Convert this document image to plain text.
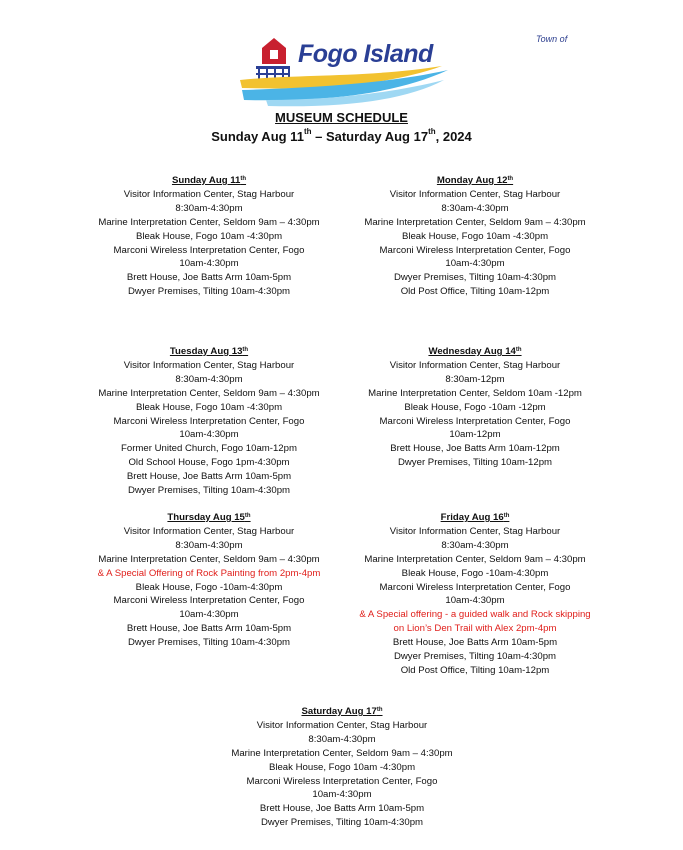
Town of
Fogo Island
MUSEUM SCHEDULE
Sunday Aug 11th – Saturday Aug 17th, 2024
Sunday Aug 11th
Visitor Information Center, Stag Harbour
8:30am-4:30pm
Marine Interpretation Center, Seldom 9am – 4:30pm
Bleak House, Fogo 10am -4:30pm
Marconi Wireless Interpretation Center, Fogo
10am-4:30pm
Brett House, Joe Batts Arm 10am-5pm
Dwyer Premises, Tilting 10am-4:30pm
Monday Aug 12th
Visitor Information Center, Stag Harbour
8:30am-4:30pm
Marine Interpretation Center, Seldom 9am – 4:30pm
Bleak House, Fogo 10am -4:30pm
Marconi Wireless Interpretation Center, Fogo
10am-4:30pm
Dwyer Premises, Tilting 10am-4:30pm
Old Post Office, Tilting 10am-12pm
Tuesday Aug 13th
Visitor Information Center, Stag Harbour
8:30am-4:30pm
Marine Interpretation Center, Seldom 9am – 4:30pm
Bleak House, Fogo 10am -4:30pm
Marconi Wireless Interpretation Center, Fogo
10am-4:30pm
Former United Church, Fogo 10am-12pm
Old School House, Fogo 1pm-4:30pm
Brett House, Joe Batts Arm 10am-5pm
Dwyer Premises, Tilting 10am-4:30pm
Wednesday Aug 14th
Visitor Information Center, Stag Harbour
8:30am-12pm
Marine Interpretation Center, Seldom 10am -12pm
Bleak House, Fogo -10am -12pm
Marconi Wireless Interpretation Center, Fogo
10am-12pm
Brett House, Joe Batts Arm 10am-12pm
Dwyer Premises, Tilting 10am-12pm
Thursday Aug 15th
Visitor Information Center, Stag Harbour
8:30am-4:30pm
Marine Interpretation Center, Seldom 9am – 4:30pm
& A Special Offering of Rock Painting from 2pm-4pm
Bleak House, Fogo -10am-4:30pm
Marconi Wireless Interpretation Center, Fogo
10am-4:30pm
Brett House, Joe Batts Arm 10am-5pm
Dwyer Premises, Tilting 10am-4:30pm
Friday Aug 16th
Visitor Information Center, Stag Harbour
8:30am-4:30pm
Marine Interpretation Center, Seldom 9am – 4:30pm
Bleak House, Fogo -10am-4:30pm
Marconi Wireless Interpretation Center, Fogo
10am-4:30pm
& A Special offering - a guided walk and Rock skipping
on Lion’s Den Trail with Alex 2pm-4pm
Brett House, Joe Batts Arm 10am-5pm
Dwyer Premises, Tilting 10am-4:30pm
Old Post Office, Tilting 10am-12pm
Saturday Aug 17th
Visitor Information Center, Stag Harbour
8:30am-4:30pm
Marine Interpretation Center, Seldom 9am – 4:30pm
Bleak House, Fogo 10am -4:30pm
Marconi Wireless Interpretation Center, Fogo
10am-4:30pm
Brett House, Joe Batts Arm 10am-5pm
Dwyer Premises, Tilting 10am-4:30pm
